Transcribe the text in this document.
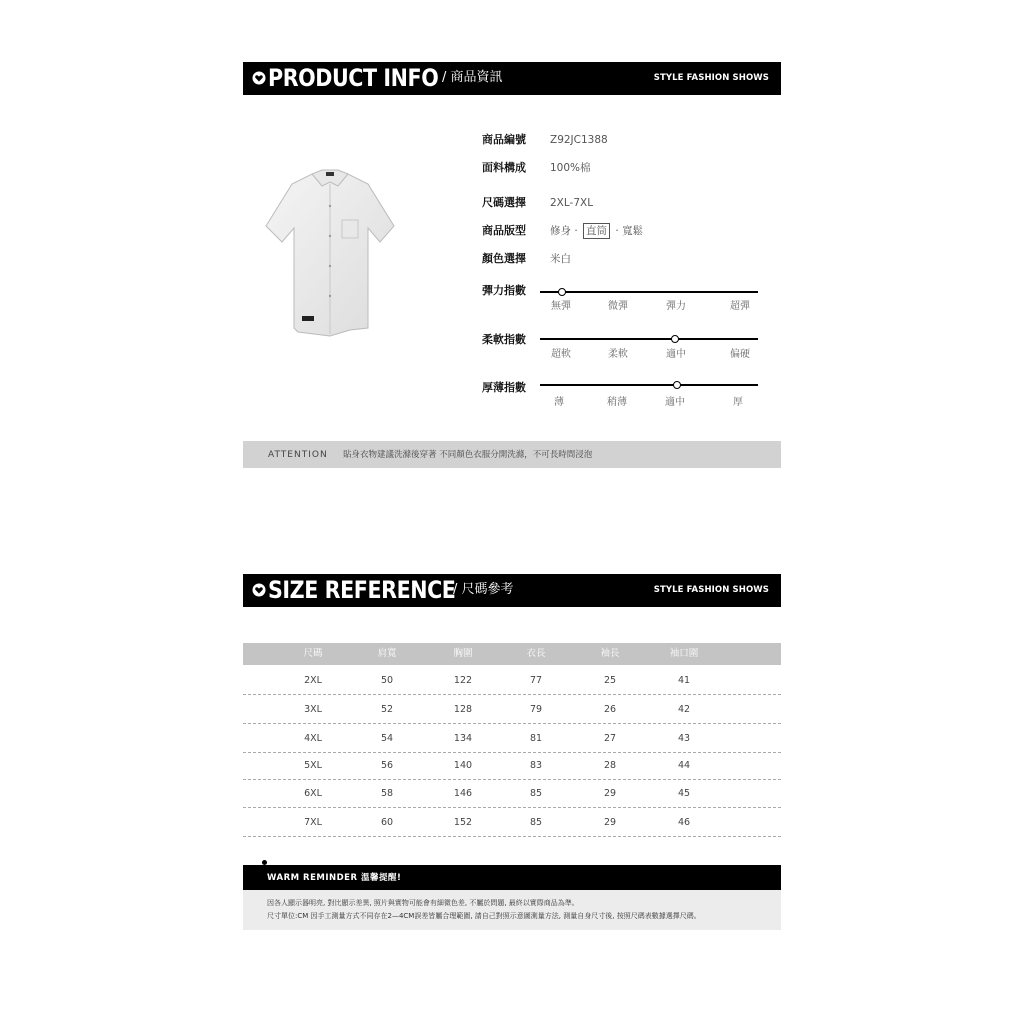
PRODUCT INFO / 商品資訊	STYLE FASHION SHOWS
商品編號 Z92JC1388
面料構成 100%棉
尺碼選擇 2XL-7XL
商品版型 修身 · 直筒 · 寬鬆
顏色選擇 米白
彈力指數
無彈	微彈	彈力	超彈
柔軟指數
超軟	柔軟	適中	偏硬
厚薄指數
薄	稍薄	適中	厚
ATTENTION 貼身衣物建議洗滌後穿著 不同顏色衣服分開洗滌，不可長時間浸泡
SIZE REFERENCE
/ 尺碼參考	STYLE FASHION SHOWS
尺碼	肩寬	胸圍	衣長	袖長	袖口圍
2XL	50	122	77	25	41
3XL	52	128	79	26	42
4XL	54	134	81	27	43
5XL	56	140	83	28	44
6XL	58	146	85	29	45
7XL	60	152	85	29	46
WARM REMINDER 溫馨提醒!
因各人顯示器明亮, 對比顯示差異, 照片與實物可能會有細微色差, 不屬於問題, 最終以實際商品為準。
尺寸單位:CM 因手工測量方式不同存在2—4CM誤差皆屬合理範圍, 請自己對照示意圖測量方法, 測量自身尺寸後, 按照尺碼表數據選擇尺碼。
